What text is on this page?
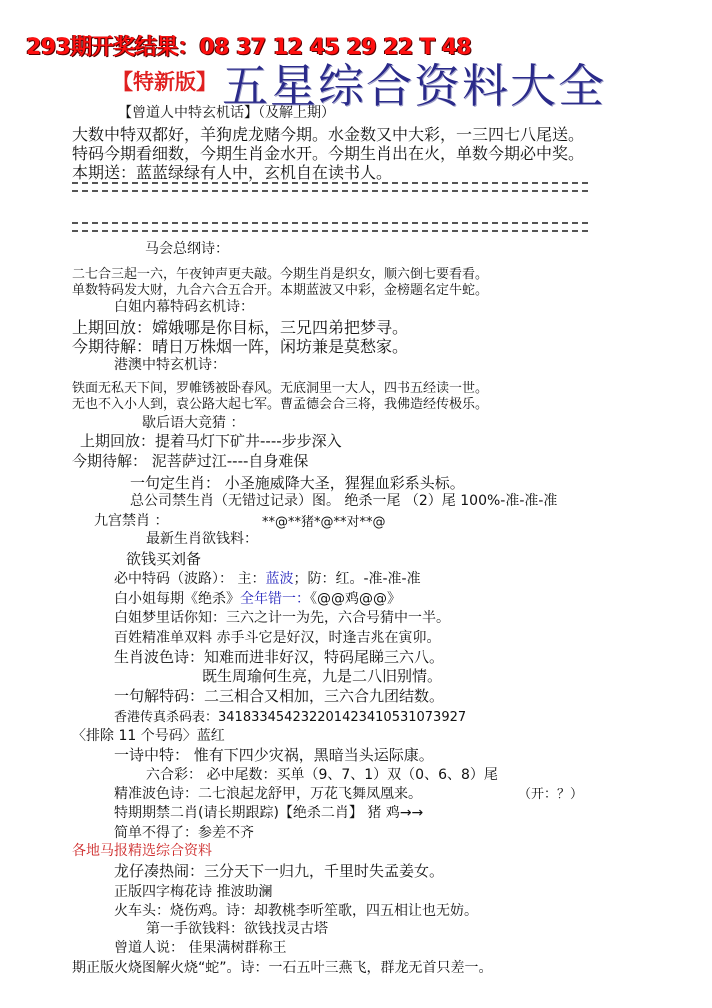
293期开奖结果：08 37 12 45 29 22 T 48
【特新版】 五星综合资料大全
【曾道人中特玄机话】（及解上期）
大数中特双都好，羊狗虎龙赌今期。水金数又中大彩，一三四七八尾送。
特码今期看细数，今期生肖金水开。今期生肖出在火，单数今期必中奖。
本期送：蓝蓝绿绿有人中，玄机自在读书人。
马会总纲诗：
二七合三起一六，午夜钟声更夫敲。今期生肖是织女，顺六倒七要看看。
单数特码发大财，九合六合五合开。本期蓝波又中彩，金榜题名定牛蛇。
白姐内幕特码玄机诗：
上期回放：嫦娥哪是你目标，三兄四弟把梦寻。
今期待解：晴日万株烟一阵，闲坊兼是莫愁家。
港澳中特玄机诗：
铁面无私天下间，罗帷锈被卧春风。无底洞里一大人，四书五经读一世。
无也不入小人到，袁公路大起七军。曹孟德会合三将，我佛造经传极乐。
歇后语大竞猜 ：
上期回放：提着马灯下矿井----步步深入
今期待解： 泥菩萨过江----自身难保
一句定生肖： 小圣施威降大圣，猩猩血彩系头标。
总公司禁生肖（无错过记录）图。 绝杀一尾 （2）尾 100%-准-准-准
九宫禁肖 ：	**@**猪*@**对**@
最新生肖欲钱料：
欲钱买刘备
必中特码（波路）： 主：蓝波；防：红。-准-准-准
白小姐每期《绝杀》全年错一：《@@鸡@@》
白姐梦里话你知：三六之计一为先，六合号猜中一半。
百姓精准单双料 赤手斗它是好汉，时逢吉兆在寅卯。
生肖波色诗：知难而进非好汉，特码尾睇三六八。
既生周瑜何生亮，九是二八旧别情。
一句解特码：二三相合又相加，三六合九团结数。
香港传真杀码表：34183345423220142341053107392​7
〈排除 11 个号码〉蓝红
一诗中特： 惟有下四少灾祸，黑暗当头运际康。
六合彩： 必中尾数：买单（9、7、1）双（0、6、8）尾
精准波色诗：二七浪起龙舒甲，万花飞舞凤凰来。	（开：？）
特期期禁二肖(请长期跟踪)【绝杀二肖】 猪 鸡→→
简单不得了：参差不齐
各地马报精选综合资料
龙仔凑热闹：三分天下一归九，千里时失孟姜女。
正版四字梅花诗 推波助澜
火车头：烧伤鸡。诗：却教桃李听笙歌，四五相让也无妨。
第一手欲钱料：欲钱找灵古塔
曾道人说： 佳果满树群称王
期正版火烧图解火烧“蛇”。诗：一石五叶三燕飞，群龙无首只差一。
